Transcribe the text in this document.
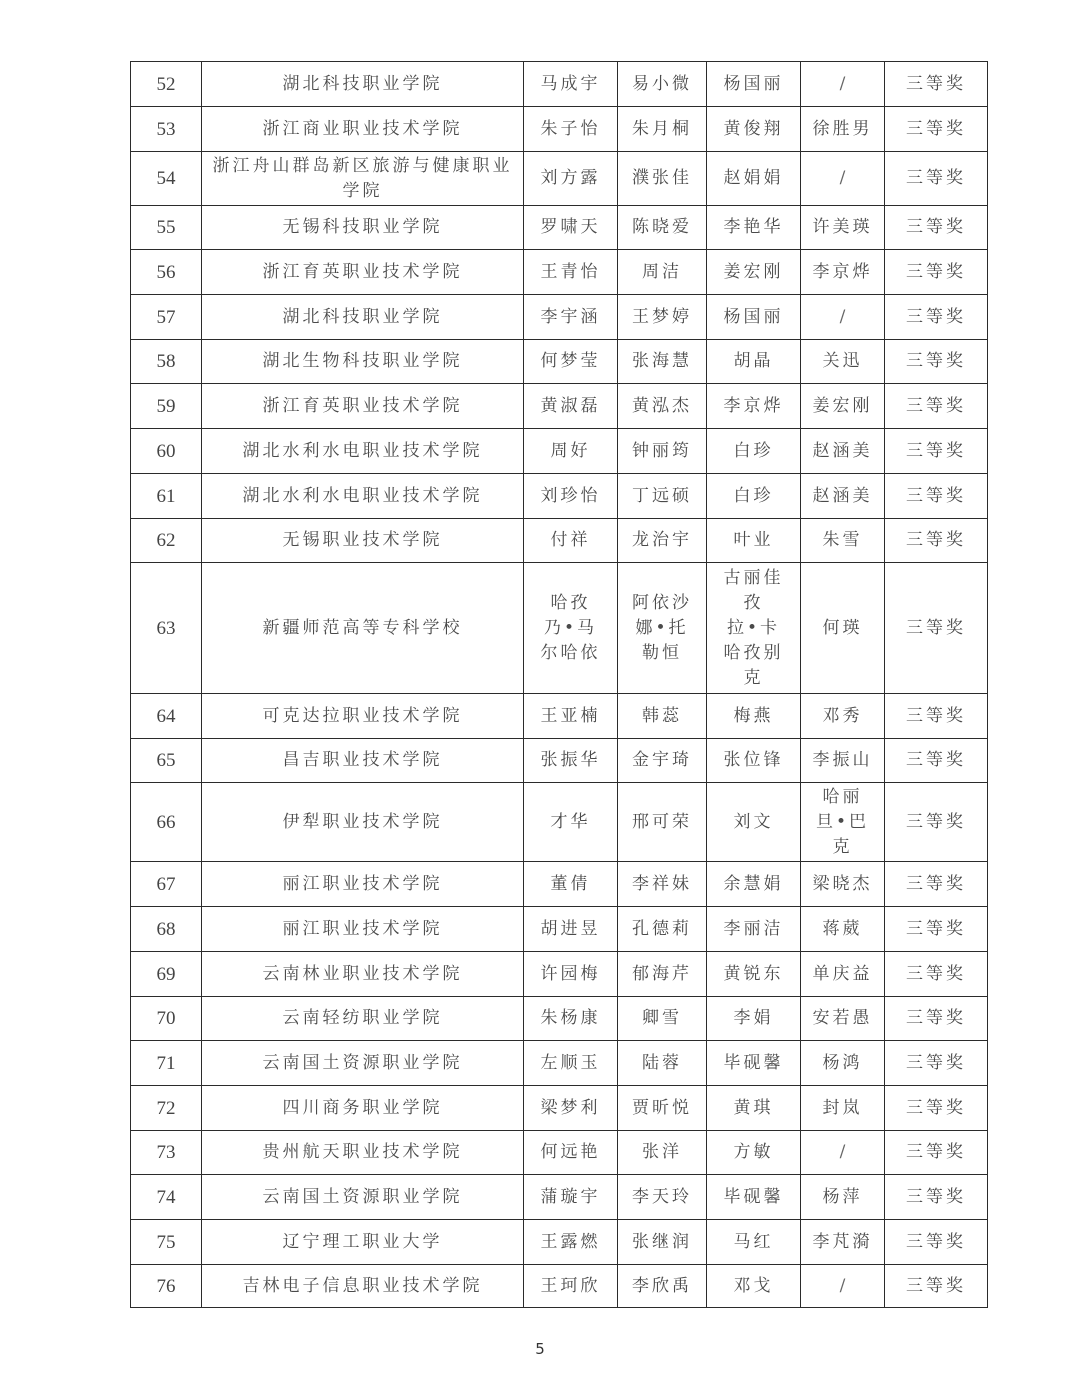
52	湖北科技职业学院	马成宇	易小微	杨国丽	/	三等奖
53	浙江商业职业技术学院	朱子怡	朱月桐	黄俊翔	徐胜男	三等奖
54	浙江舟山群岛新区旅游与健康职业
学院	刘方露	濮张佳	赵娟娟	/	三等奖
55	无锡科技职业学院	罗啸天	陈晓爱	李艳华	许美瑛	三等奖
56	浙江育英职业技术学院	王青怡	周洁	姜宏刚	李京烨	三等奖
57	湖北科技职业学院	李宇涵	王梦婷	杨国丽	/	三等奖
58	湖北生物科技职业学院	何梦莹	张海慧	胡晶	关迅	三等奖
59	浙江育英职业技术学院	黄淑磊	黄泓杰	李京烨	姜宏刚	三等奖
60	湖北水利水电职业技术学院	周好	钟丽筠	白珍	赵涵美	三等奖
61	湖北水利水电职业技术学院	刘珍怡	丁远硕	白珍	赵涵美	三等奖
62	无锡职业技术学院	付祥	龙治宇	叶业	朱雪	三等奖
63	新疆师范高等专科学校	哈孜
乃•马
尔哈依	阿依沙
娜•托
勒恒	古丽佳
孜
拉•卡
哈孜别
克	何瑛	三等奖
64	可克达拉职业技术学院	王亚楠	韩蕊	梅燕	邓秀	三等奖
65	昌吉职业技术学院	张振华	金宇琦	张位锋	李振山	三等奖
66	伊犁职业技术学院	才华	邢可荣	刘文	哈丽
旦•巴
克	三等奖
67	丽江职业技术学院	董倩	李祥妹	余慧娟	梁晓杰	三等奖
68	丽江职业技术学院	胡进昱	孔德莉	李丽洁	蒋葳	三等奖
69	云南林业职业技术学院	许园梅	郁海芹	黄锐东	单庆益	三等奖
70	云南轻纺职业学院	朱杨康	卿雪	李娟	安若愚	三等奖
71	云南国土资源职业学院	左顺玉	陆蓉	毕砚馨	杨鸿	三等奖
72	四川商务职业学院	梁梦利	贾昕悦	黄琪	封岚	三等奖
73	贵州航天职业技术学院	何远艳	张洋	方敏	/	三等奖
74	云南国土资源职业学院	蒲璇宇	李天玲	毕砚馨	杨萍	三等奖
75	辽宁理工职业大学	王露燃	张继润	马红	李芃漪	三等奖
76	吉林电子信息职业技术学院	王珂欣	李欣禹	邓戈	/	三等奖
5
